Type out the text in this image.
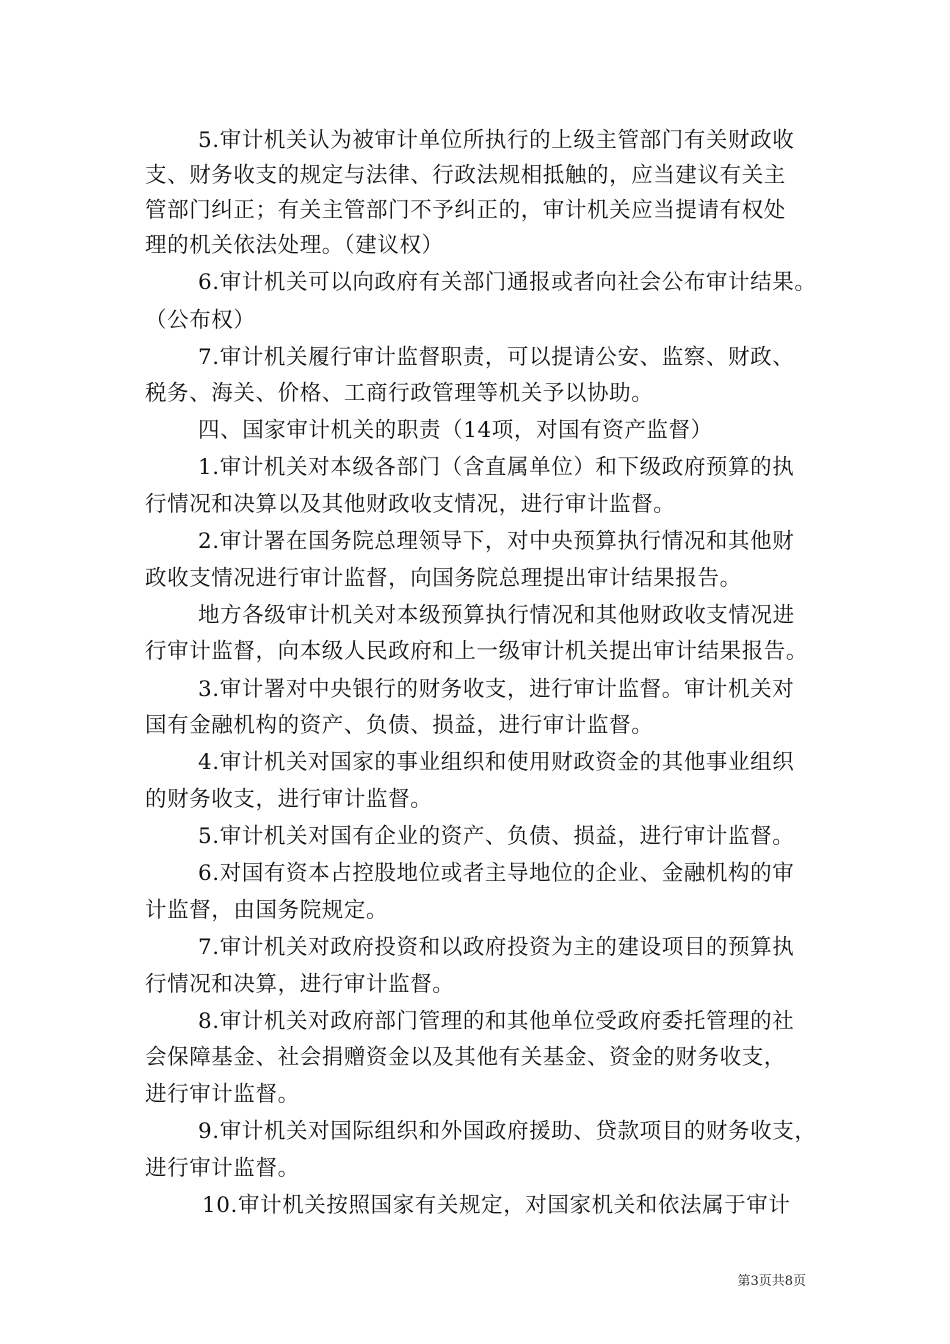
5.审计机关认为被审计单位所执行的上级主管部门有关财政收
支、财务收支的规定与法律、行政法规相抵触的，应当建议有关主
管部门纠正；有关主管部门不予纠正的，审计机关应当提请有权处
理的机关依法处理。（建议权）
6.审计机关可以向政府有关部门通报或者向社会公布审计结果。
（公布权）
7.审计机关履行审计监督职责，可以提请公安、监察、财政、
税务、海关、价格、工商行政管理等机关予以协助。
四、国家审计机关的职责（14项，对国有资产监督）
1.审计机关对本级各部门（含直属单位）和下级政府预算的执
行情况和决算以及其他财政收支情况，进行审计监督。
2.审计署在国务院总理领导下，对中央预算执行情况和其他财
政收支情况进行审计监督，向国务院总理提出审计结果报告。
地方各级审计机关对本级预算执行情况和其他财政收支情况进
行审计监督，向本级人民政府和上一级审计机关提出审计结果报告。
3.审计署对中央银行的财务收支，进行审计监督。审计机关对
国有金融机构的资产、负债、损益，进行审计监督。
4.审计机关对国家的事业组织和使用财政资金的其他事业组织
的财务收支，进行审计监督。
5.审计机关对国有企业的资产、负债、损益，进行审计监督。
6.对国有资本占控股地位或者主导地位的企业、金融机构的审
计监督，由国务院规定。
7.审计机关对政府投资和以政府投资为主的建设项目的预算执
行情况和决算，进行审计监督。
8.审计机关对政府部门管理的和其他单位受政府委托管理的社
会保障基金、社会捐赠资金以及其他有关基金、资金的财务收支，
进行审计监督。
9.审计机关对国际组织和外国政府援助、贷款项目的财务收支，
进行审计监督。
10.审计机关按照国家有关规定，对国家机关和依法属于审计
第3页共8页
